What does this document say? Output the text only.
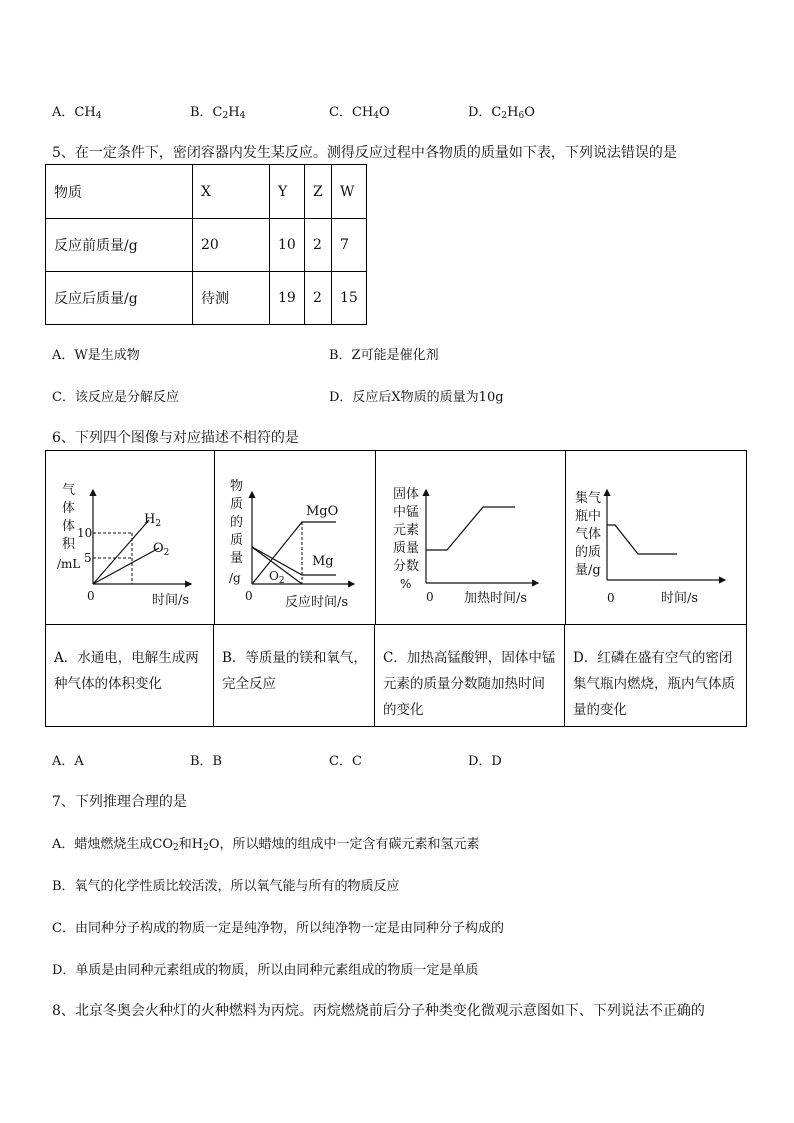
A．$CH_4$	B．$C_2H_4$	C．$CH_4O$	D．$C_2H_6O$
5、在一定条件下，密闭容器内发生某反应。测得反应过程中各物质的质量如下表，下列说法错误的是
物质	X	Y	Z	W
反应前质量/g	20	10	2	7
反应后质量/g	待测	19	2	15
A．W是生成物	B．Z可能是催化剂
C．该反应是分解反应	D．反应后X物质的质量为10g
6、下列四个图像与对应描述不相符的是
气
体
体
积
/mL
10
5
0	时间/s
$H_2$
$O_2$
物
质
的
质
量
/g
0 反应时间/s
MgO
Mg
$O_2$
固体
中锰
元素
质量
分数
%
0 加热时间/s
集气
瓶中
气体
的质
量/g
0	时间/s
A．水通电，电解生成两种气体的体积变化
B．等质量的镁和氧气，完全反应
C．加热高锰酸钾，固体中锰元素的质量分数随加热时间的变化
D．红磷在盛有空气的密闭集气瓶内燃烧，瓶内气体质量的变化
A．A	B．B	C．C	D．D
7、下列推理合理的是
A．蜡烛燃烧生成$CO_2$和$H_2O$，所以蜡烛的组成中一定含有碳元素和氢元素
B．氧气的化学性质比较活泼，所以氧气能与所有的物质反应
C．由同种分子构成的物质一定是纯净物，所以纯净物一定是由同种分子构成的
D．单质是由同种元素组成的物质，所以由同种元素组成的物质一定是单质
8、北京冬奥会火种灯的火种燃料为丙烷。丙烷燃烧前后分子种类变化微观示意图如下、下列说法不正确的
